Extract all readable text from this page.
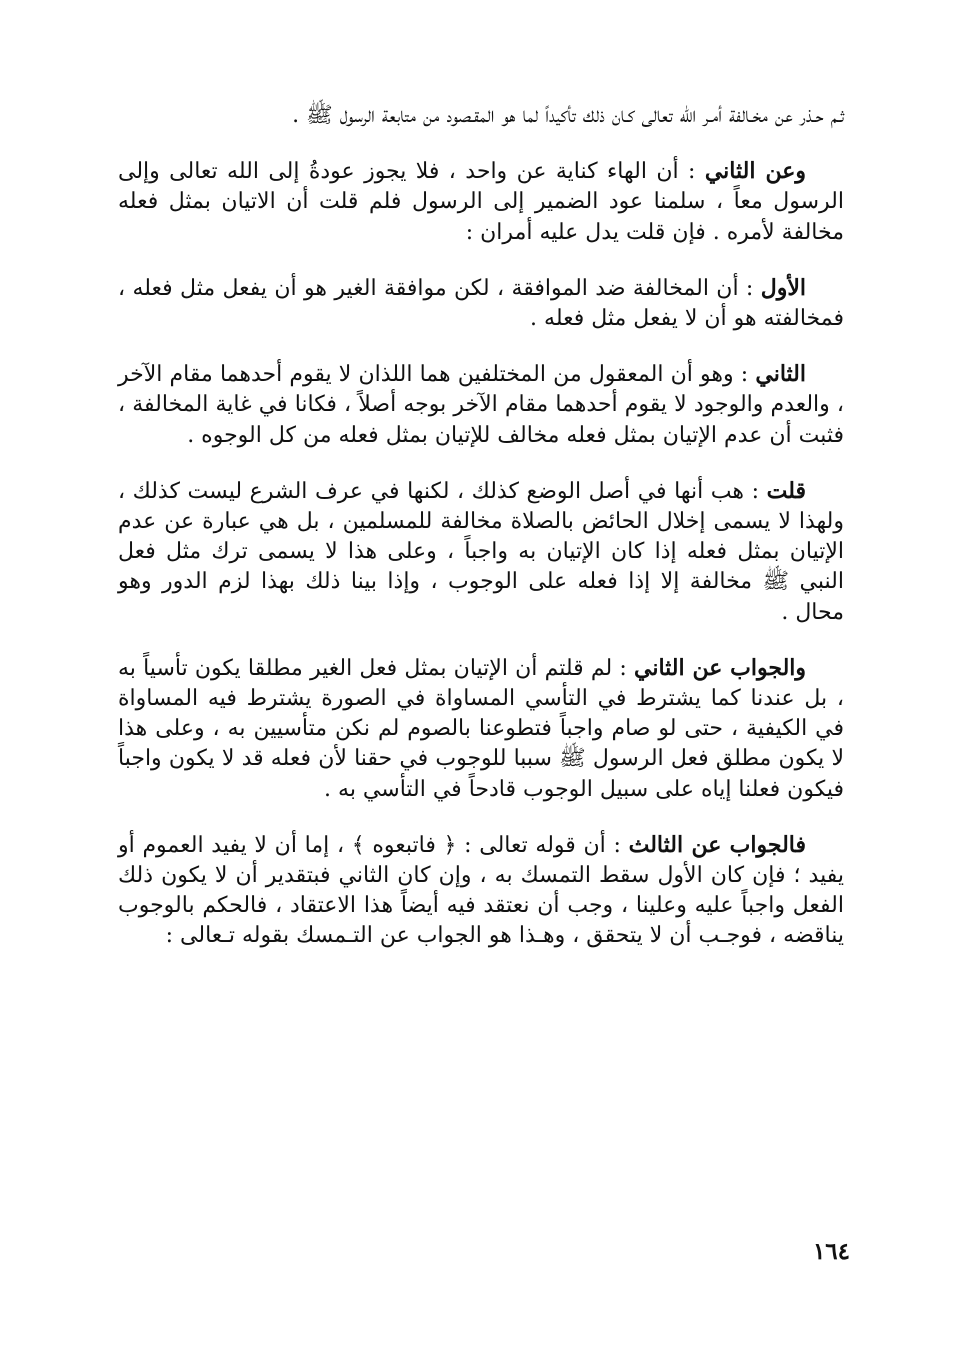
ثـم حـذر عن مخـالفة أمـر الله تعالى كـان ذلك تأكيداً لما هو المقـصود من متابعة الرسول ﷺ .

وعن الثاني : أن الهاء كناية عن واحد ، فلا يجوز عودةُ إلى الله تعالى وإلى الرسول معاً ، سلمنا عود الضمير إلى الرسول فلم قلت أن الاتيان بمثل فعله مخالفة لأمره . فإن قلت يدل عليه أمران :

الأول : أن المخالفة ضد الموافقة ، لكن موافقة الغير هو أن يفعل مثل فعله ، فمخالفته هو أن لا يفعل مثل فعله .

الثاني : وهو أن المعقول من المختلفين هما اللذان لا يقوم أحدهما مقام الآخر ، والعدم والوجود لا يقوم أحدهما مقام الآخر بوجه أصلاً ، فكانا في غاية المخالفة ، فثبت أن عدم الإتيان بمثل فعله مخالف للإتيان بمثل فعله من كل الوجوه .

قلت : هب أنها في أصل الوضع كذلك ، لكنها في عرف الشرع ليست كذلك ، ولهذا لا يسمى إخلال الحائض بالصلاة مخالفة للمسلمين ، بل هي عبارة عن عدم الإتيان بمثل فعله إذا كان الإتيان به واجباً ، وعلى هذا لا يسمى ترك مثل فعل النبي ﷺ مخالفة إلا إذا فعله على الوجوب ، وإذا بينا ذلك بهذا لزم الدور وهو محال .

والجواب عن الثاني : لم قلتم أن الإتيان بمثل فعل الغير مطلقا يكون تأسياً به ، بل عندنا كما يشترط في التأسي المساواة في الصورة يشترط فيه المساواة في الكيفية ، حتى لو صام واجباً فتطوعنا بالصوم لم نكن متأسيين به ، وعلى هذا لا يكون مطلق فعل الرسول ﷺ سببا للوجوب في حقنا لأن فعله قد لا يكون واجباً فيكون فعلنا إياه على سبيل الوجوب قادحاً في التأسي به .

فالجواب عن الثالث : أن قوله تعالى : ﴿ فاتبعوه ﴾ ، إما أن لا يفيد العموم أو يفيد ؛ فإن كان الأول سقط التمسك به ، وإن كان الثاني فبتقدير أن لا يكون ذلك الفعل واجباً عليه وعلينا ، وجب أن نعتقد فيه أيضاً هذا الاعتقاد ، فالحكم بالوجوب يناقضه ، فوجـب أن لا يتحقق ، وهـذا هو الجواب عن التـمسك بقوله تـعالى :

١٦٤
